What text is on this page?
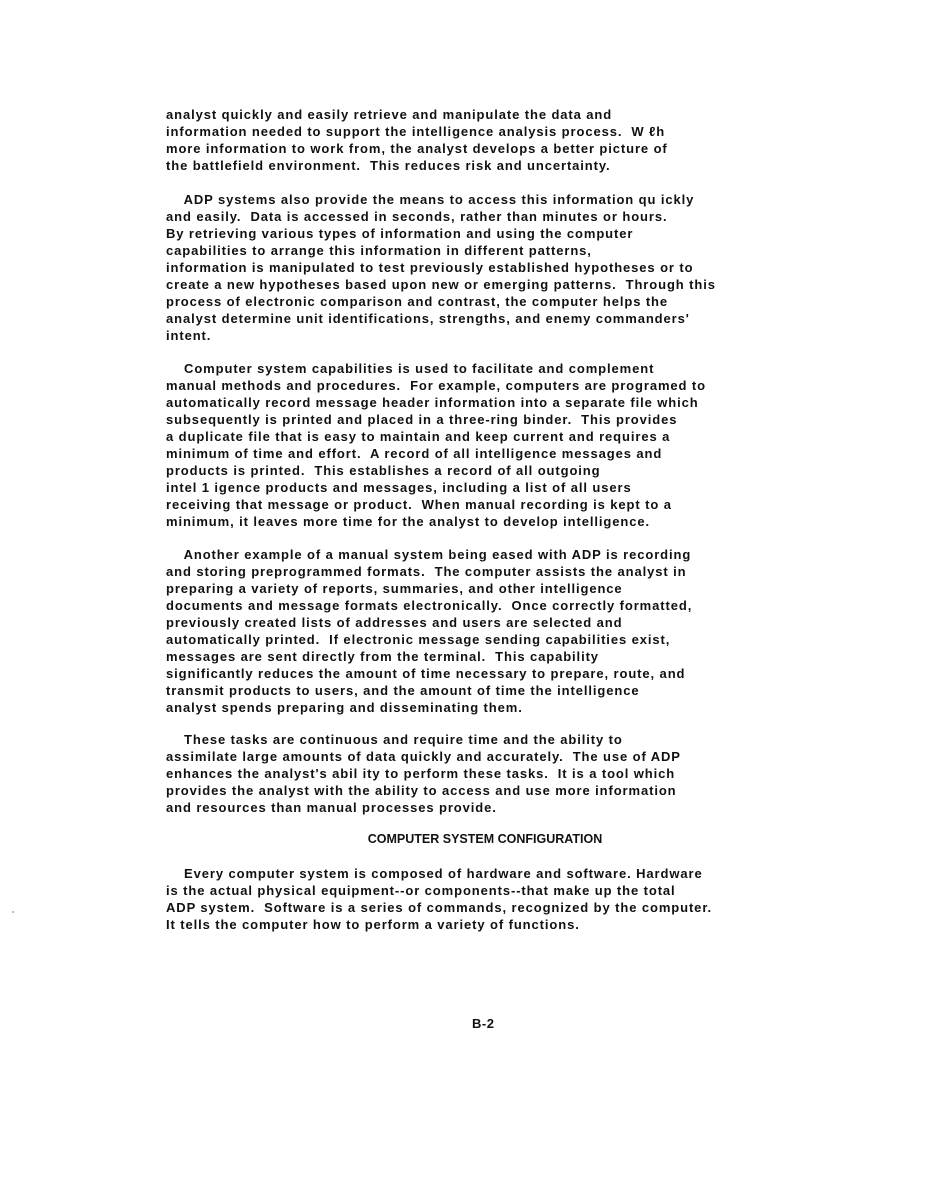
analyst quickly and easily retrieve and manipulate the data and
information needed to support the intelligence analysis process.  W ℓh
more information to work from, the analyst develops a better picture of
the battlefield environment.  This reduces risk and uncertainty.
ADP systems also provide the means to access this information qu ickly
and easily.  Data is accessed in seconds, rather than minutes or hours.
By retrieving various types of information and using the computer
capabilities to arrange this information in different patterns,
information is manipulated to test previously established hypotheses or to
create a new hypotheses based upon new or emerging patterns.  Through this
process of electronic comparison and contrast, the computer helps the
analyst determine unit identifications, strengths, and enemy commanders'
intent.
Computer system capabilities is used to facilitate and complement
manual methods and procedures.  For example, computers are programed to
automatically record message header information into a separate file which
subsequently is printed and placed in a three-ring binder.  This provides
a duplicate file that is easy to maintain and keep current and requires a
minimum of time and effort.  A record of all intelligence messages and
products is printed.  This establishes a record of all outgoing
intel 1 igence products and messages, including a list of all users
receiving that message or product.  When manual recording is kept to a
minimum, it leaves more time for the analyst to develop intelligence.
Another example of a manual system being eased with ADP is recording
and storing preprogrammed formats.  The computer assists the analyst in
preparing a variety of reports, summaries, and other intelligence
documents and message formats electronically.  Once correctly formatted,
previously created lists of addresses and users are selected and
automatically printed.  If electronic message sending capabilities exist,
messages are sent directly from the terminal.  This capability
significantly reduces the amount of time necessary to prepare, route, and
transmit products to users, and the amount of time the intelligence
analyst spends preparing and disseminating them.
These tasks are continuous and require time and the ability to
assimilate large amounts of data quickly and accurately.  The use of ADP
enhances the analyst's abil ity to perform these tasks.  It is a tool which
provides the analyst with the ability to access and use more information
and resources than manual processes provide.
COMPUTER SYSTEM CONFIGURATION
Every computer system is composed of hardware and software. Hardware
is the actual physical equipment--or components--that make up the total
ADP system.  Software is a series of commands, recognized by the computer.
It tells the computer how to perform a variety of functions.
B-2
